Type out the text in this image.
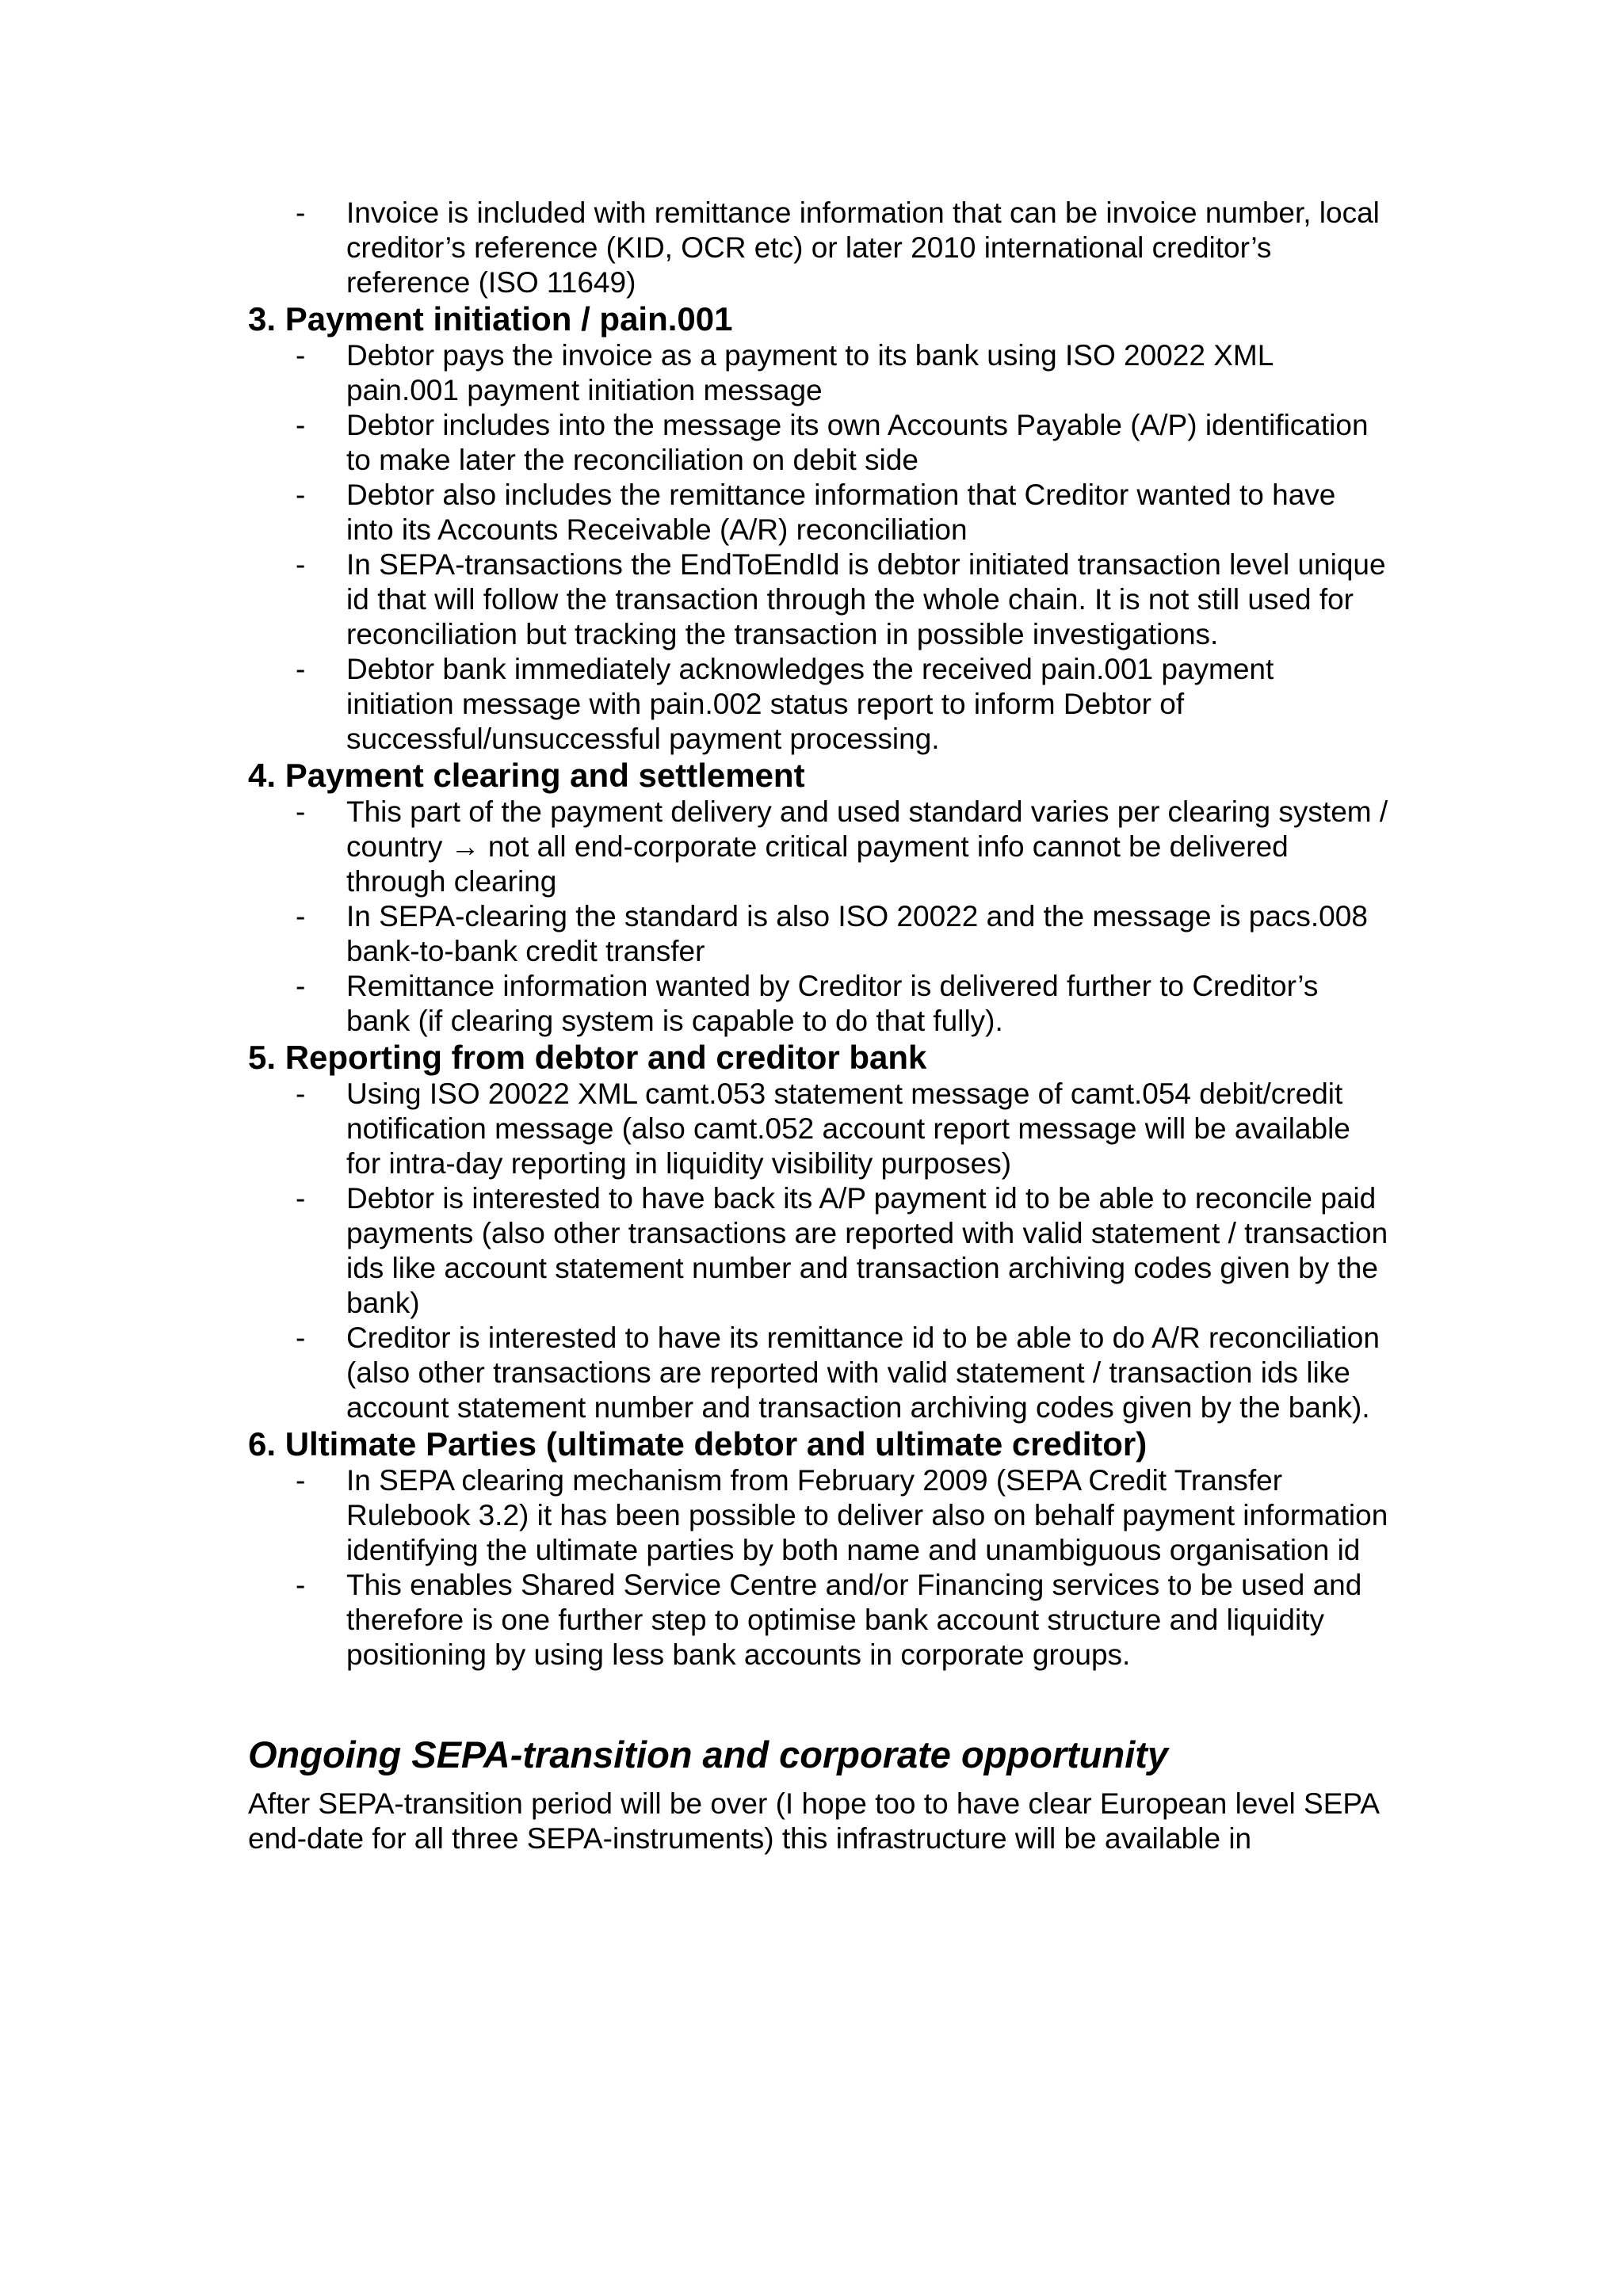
- Invoice is included with remittance information that can be invoice number, local creditor’s reference (KID, OCR etc) or later 2010 international creditor’s reference (ISO 11649)
3. Payment initiation / pain.001
- Debtor pays the invoice as a payment to its bank using ISO 20022 XML pain.001 payment initiation message
- Debtor includes into the message its own Accounts Payable (A/P) identification to make later the reconciliation on debit side
- Debtor also includes the remittance information that Creditor wanted to have into its Accounts Receivable (A/R) reconciliation
- In SEPA-transactions the EndToEndId is debtor initiated transaction level unique id that will follow the transaction through the whole chain. It is not still used for reconciliation but tracking the transaction in possible investigations.
- Debtor bank immediately acknowledges the received pain.001 payment initiation message with pain.002 status report to inform Debtor of successful/unsuccessful payment processing.
4. Payment clearing and settlement
- This part of the payment delivery and used standard varies per clearing system / country → not all end-corporate critical payment info cannot be delivered through clearing
- In SEPA-clearing the standard is also ISO 20022 and the message is pacs.008 bank-to-bank credit transfer
- Remittance information wanted by Creditor is delivered further to Creditor’s bank (if clearing system is capable to do that fully).
5. Reporting from debtor and creditor bank
- Using ISO 20022 XML camt.053 statement message of camt.054 debit/credit notification message (also camt.052 account report message will be available for intra-day reporting in liquidity visibility purposes)
- Debtor is interested to have back its A/P payment id to be able to reconcile paid payments (also other transactions are reported with valid statement / transaction ids like account statement number and transaction archiving codes given by the bank)
- Creditor is interested to have its remittance id to be able to do A/R reconciliation (also other transactions are reported with valid statement / transaction ids like account statement number and transaction archiving codes given by the bank).
6. Ultimate Parties (ultimate debtor and ultimate creditor)
- In SEPA clearing mechanism from February 2009 (SEPA Credit Transfer Rulebook 3.2) it has been possible to deliver also on behalf payment information identifying the ultimate parties by both name and unambiguous organisation id
- This enables Shared Service Centre and/or Financing services to be used and therefore is one further step to optimise bank account structure and liquidity positioning by using less bank accounts in corporate groups.
Ongoing SEPA-transition and corporate opportunity

After SEPA-transition period will be over (I hope too to have clear European level SEPA end-date for all three SEPA-instruments) this infrastructure will be available in
